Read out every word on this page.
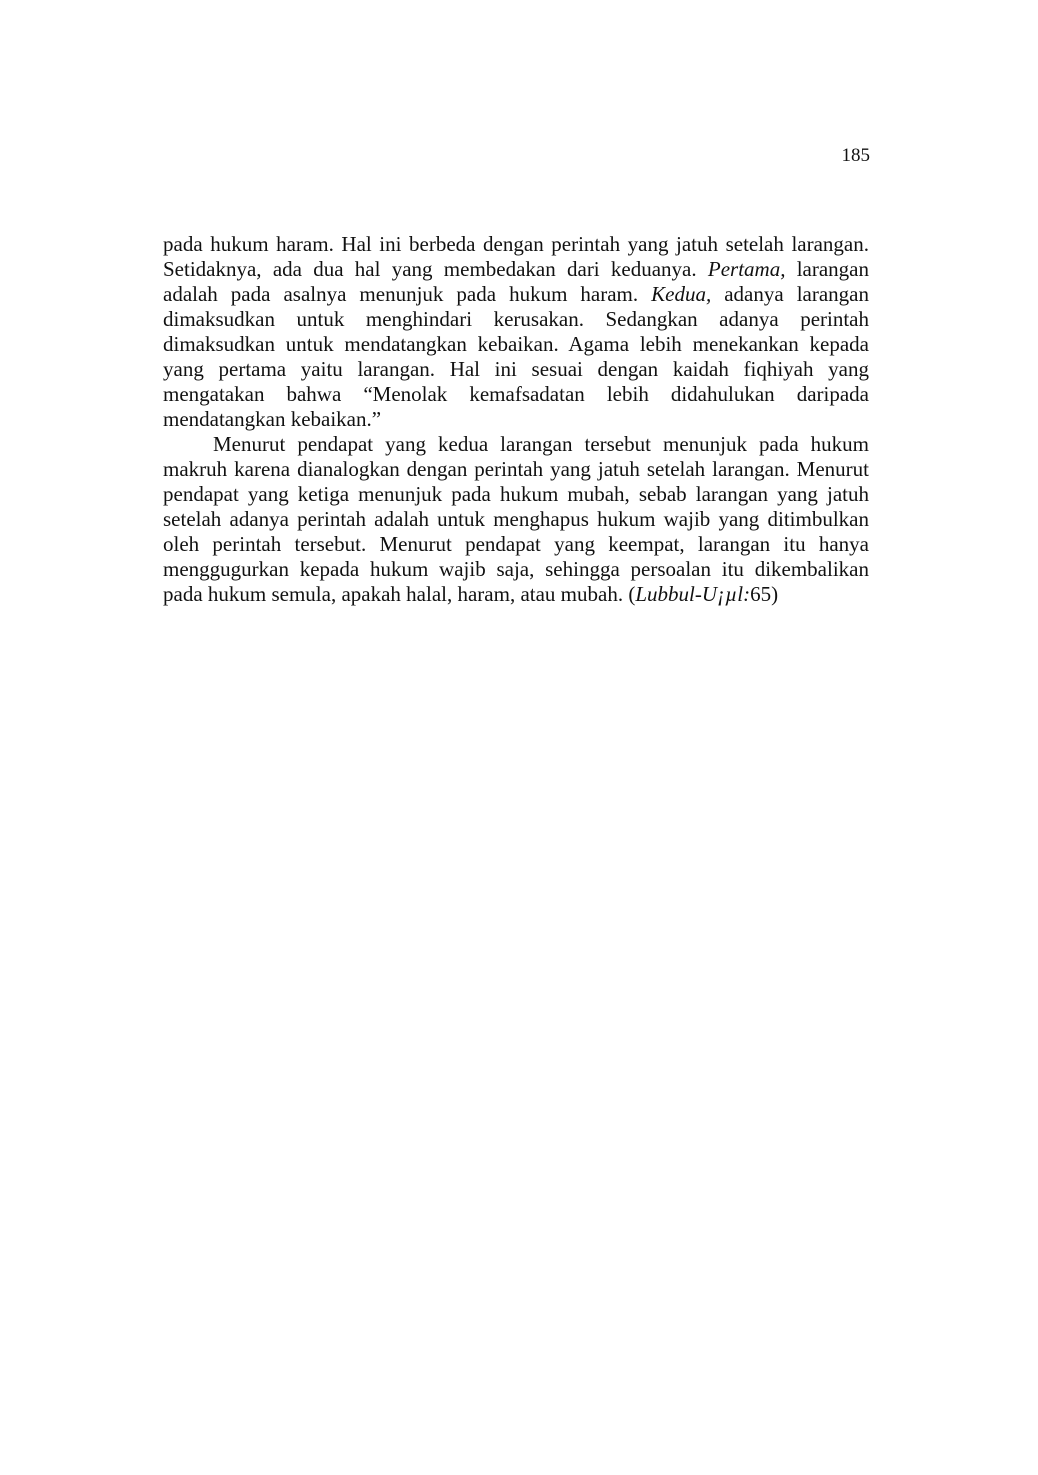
185

pada hukum haram. Hal ini berbeda dengan perintah yang jatuh setelah larangan. Setidaknya, ada dua hal yang membedakan dari keduanya. Pertama, larangan adalah pada asalnya menunjuk pada hukum haram. Kedua, adanya larangan dimaksudkan untuk menghindari kerusakan. Sedangkan adanya perintah dimaksudkan untuk mendatangkan kebaikan. Agama lebih menekankan kepada yang pertama yaitu larangan. Hal ini sesuai dengan kaidah fiqhiyah yang mengatakan bahwa “Menolak kemafsadatan lebih didahulukan daripada mendatangkan kebaikan.”

Menurut pendapat yang kedua larangan tersebut menunjuk pada hukum makruh karena dianalogkan dengan perintah yang jatuh setelah larangan. Menurut pendapat yang ketiga menunjuk pada hukum mubah, sebab larangan yang jatuh setelah adanya perintah adalah untuk menghapus hukum wajib yang ditimbulkan oleh perintah tersebut. Menurut pendapat yang keempat, larangan itu hanya menggugurkan kepada hukum wajib saja, sehingga persoalan itu dikembalikan pada hukum semula, apakah halal, haram, atau mubah. (Lubbul-U¡µl:65)
